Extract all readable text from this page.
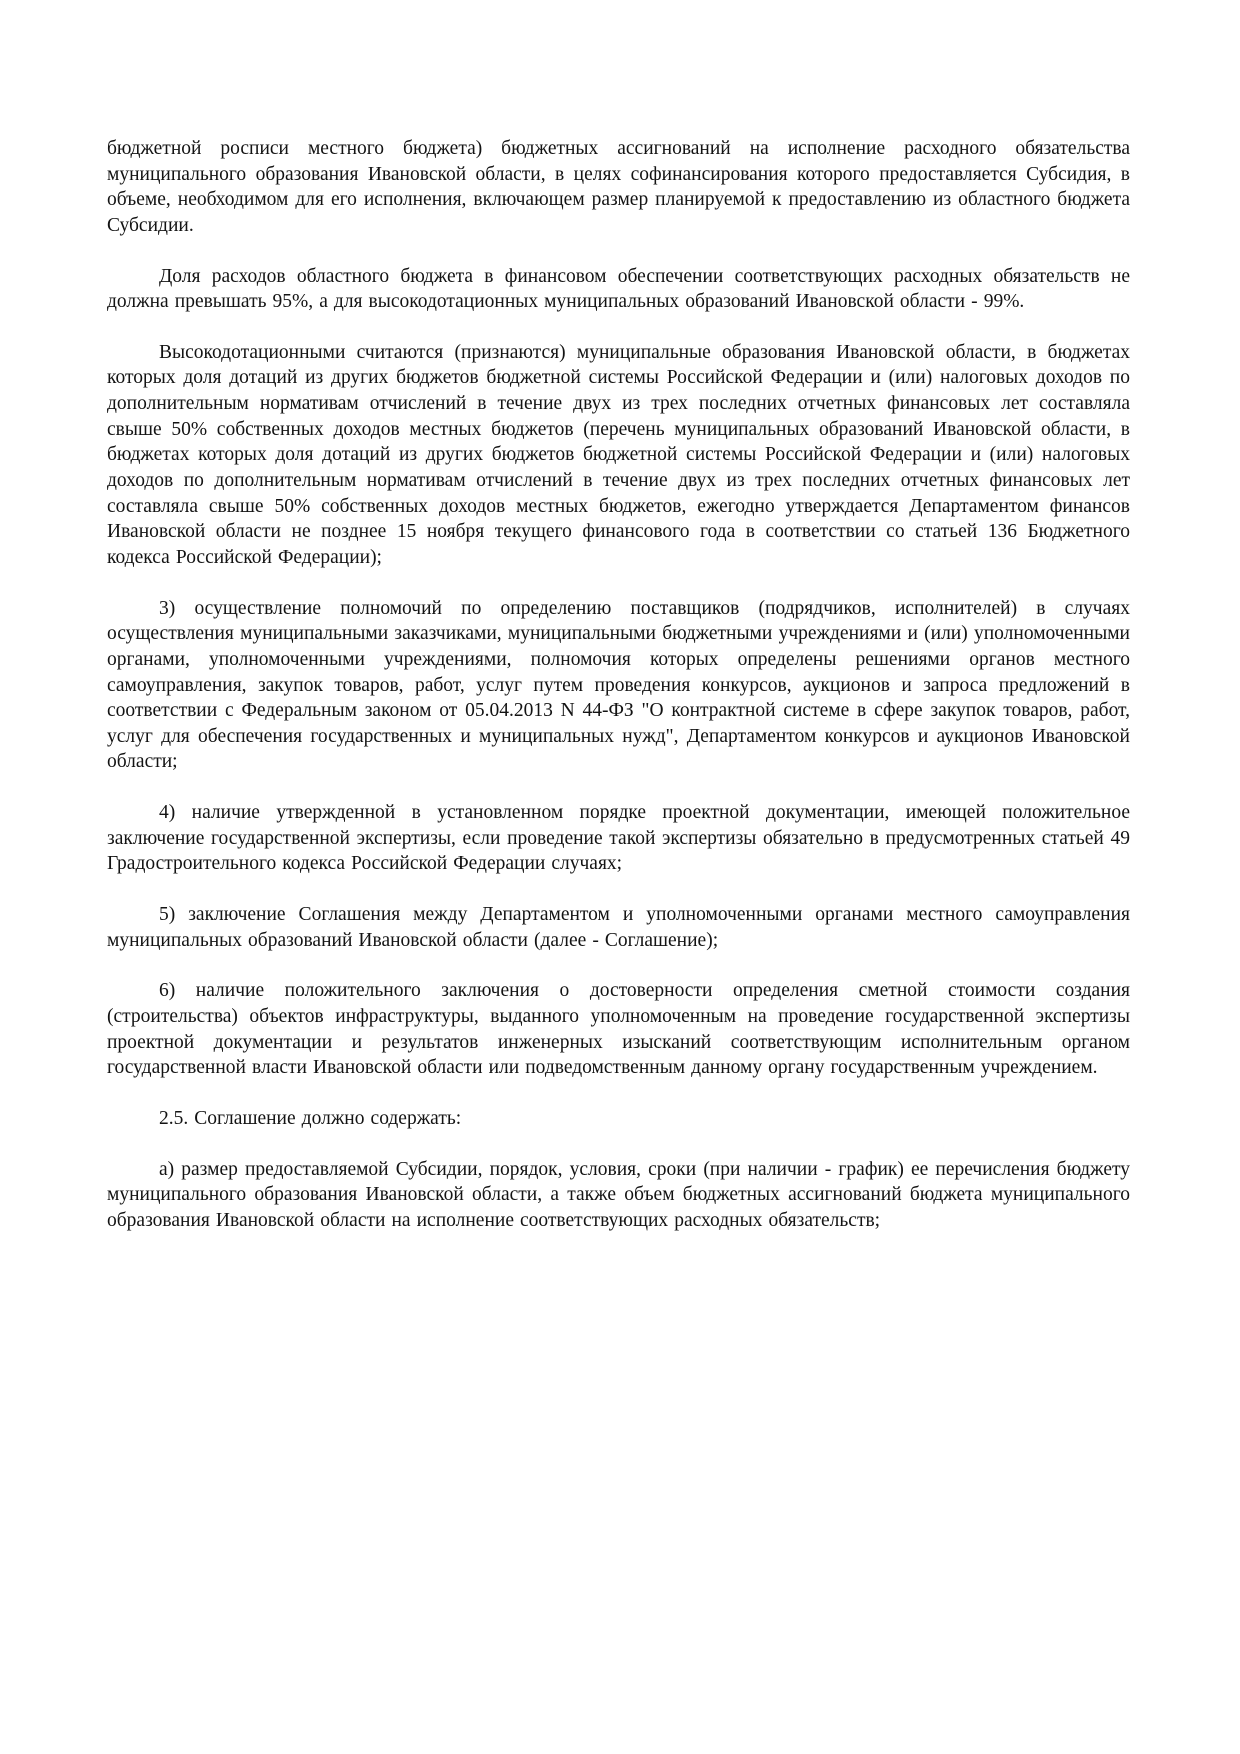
бюджетной росписи местного бюджета) бюджетных ассигнований на исполнение расходного обязательства муниципального образования Ивановской области, в целях софинансирования которого предоставляется Субсидия, в объеме, необходимом для его исполнения, включающем размер планируемой к предоставлению из областного бюджета Субсидии.

Доля расходов областного бюджета в финансовом обеспечении соответствующих расходных обязательств не должна превышать 95%, а для высокодотационных муниципальных образований Ивановской области - 99%.

Высокодотационными считаются (признаются) муниципальные образования Ивановской области, в бюджетах которых доля дотаций из других бюджетов бюджетной системы Российской Федерации и (или) налоговых доходов по дополнительным нормативам отчислений в течение двух из трех последних отчетных финансовых лет составляла свыше 50% собственных доходов местных бюджетов (перечень муниципальных образований Ивановской области, в бюджетах которых доля дотаций из других бюджетов бюджетной системы Российской Федерации и (или) налоговых доходов по дополнительным нормативам отчислений в течение двух из трех последних отчетных финансовых лет составляла свыше 50% собственных доходов местных бюджетов, ежегодно утверждается Департаментом финансов Ивановской области не позднее 15 ноября текущего финансового года в соответствии со статьей 136 Бюджетного кодекса Российской Федерации);

3) осуществление полномочий по определению поставщиков (подрядчиков, исполнителей) в случаях осуществления муниципальными заказчиками, муниципальными бюджетными учреждениями и (или) уполномоченными органами, уполномоченными учреждениями, полномочия которых определены решениями органов местного самоуправления, закупок товаров, работ, услуг путем проведения конкурсов, аукционов и запроса предложений в соответствии с Федеральным законом от 05.04.2013 N 44-ФЗ "О контрактной системе в сфере закупок товаров, работ, услуг для обеспечения государственных и муниципальных нужд", Департаментом конкурсов и аукционов Ивановской области;

4) наличие утвержденной в установленном порядке проектной документации, имеющей положительное заключение государственной экспертизы, если проведение такой экспертизы обязательно в предусмотренных статьей 49 Градостроительного кодекса Российской Федерации случаях;

5) заключение Соглашения между Департаментом и уполномоченными органами местного самоуправления муниципальных образований Ивановской области (далее - Соглашение);

6) наличие положительного заключения о достоверности определения сметной стоимости создания (строительства) объектов инфраструктуры, выданного уполномоченным на проведение государственной экспертизы проектной документации и результатов инженерных изысканий соответствующим исполнительным органом государственной власти Ивановской области или подведомственным данному органу государственным учреждением.

2.5. Соглашение должно содержать:

а) размер предоставляемой Субсидии, порядок, условия, сроки (при наличии - график) ее перечисления бюджету муниципального образования Ивановской области, а также объем бюджетных ассигнований бюджета муниципального образования Ивановской области на исполнение соответствующих расходных обязательств;
